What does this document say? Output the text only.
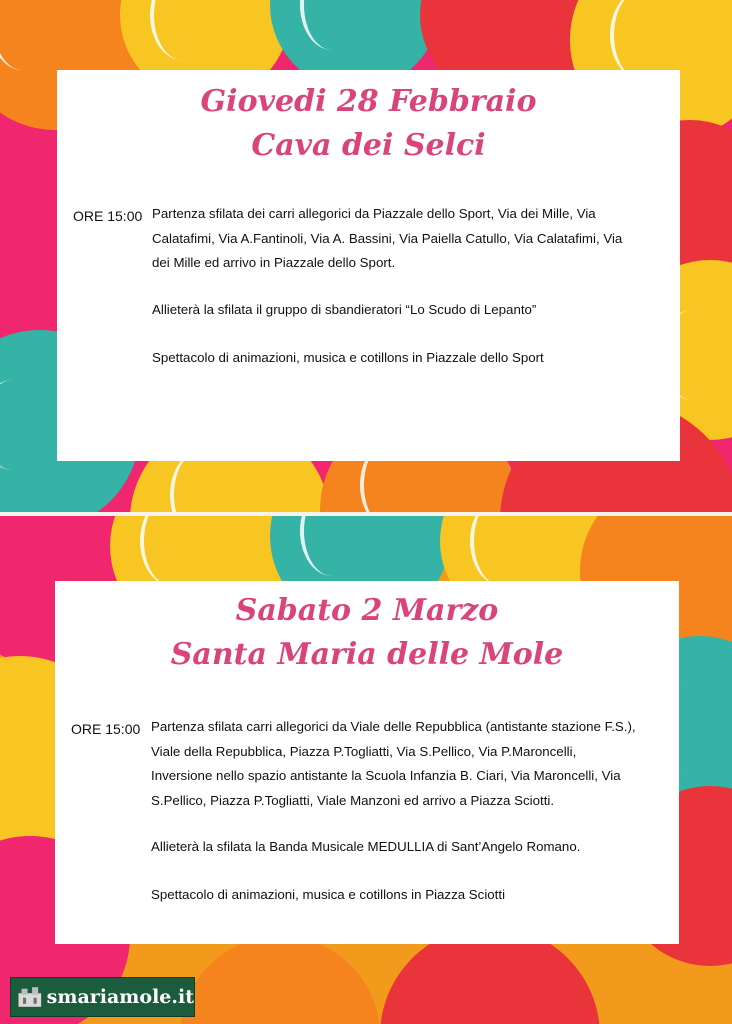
Giovedi 28 Febbraio
Cava dei Selci
ORE 15:00 Partenza sfilata dei carri allegorici da Piazzale dello Sport, Via dei Mille, Via Calatafimi, Via A.Fantinoli, Via A. Bassini, Via Paiella Catullo, Via Calatafimi, Via dei Mille ed arrivo in Piazzale dello Sport.
Allieterà la sfilata il gruppo di sbandieratori “Lo Scudo di Lepanto”
Spettacolo di animazioni, musica e cotillons in Piazzale dello Sport
Sabato 2 Marzo
Santa Maria delle Mole
ORE 15:00 Partenza sfilata carri allegorici da Viale delle Repubblica (antistante stazione F.S.), Viale della Repubblica, Piazza P.Togliatti, Via S.Pellico, Via P.Maroncelli, Inversione nello spazio antistante la Scuola Infanzia B. Ciari, Via Maroncelli, Via S.Pellico, Piazza P.Togliatti, Viale Manzoni ed arrivo a Piazza Sciotti.
Allieterà la sfilata la Banda Musicale MEDULLIA di Sant’Angelo Romano.
Spettacolo di animazioni, musica e cotillons in Piazza Sciotti
smariamole.it
